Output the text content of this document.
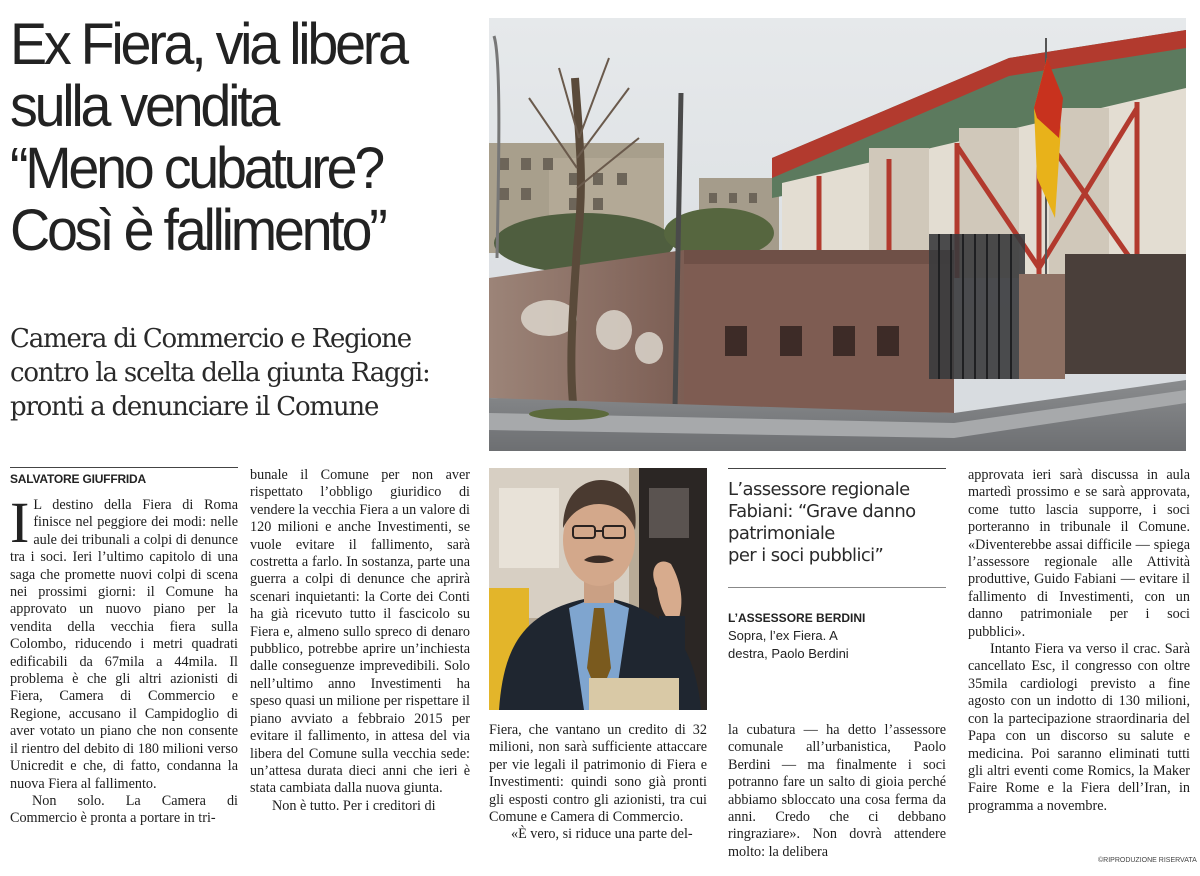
Ex Fiera, via libera
sulla vendita
“Meno cubature?
Così è fallimento”
Camera di Commercio e Regione
contro la scelta della giunta Raggi:
pronti a denunciare il Comune
SALVATORE GIUFFRIDA
I L destino della Fiera di Roma finisce nel peggiore dei modi: nelle aule dei tribunali a colpi di denunce tra i soci. Ieri l’ultimo capitolo di una saga che promette nuovi colpi di scena nei prossimi giorni: il Comune ha approvato un nuovo piano per la vendita della vecchia fiera sulla Colombo, riducendo i metri quadrati edificabili da 67mila a 44mila. Il problema è che gli altri azionisti di Fiera, Camera di Commercio e Regione, accusano il Campidoglio di aver votato un piano che non consente il rientro del debito di 180 milioni verso Unicredit e che, di fatto, condanna la nuova Fiera al fallimento.

Non solo. La Camera di Commercio è pronta a portare in tri-

bunale il Comune per non aver rispettato l’obbligo giuridico di vendere la vecchia Fiera a un valore di 120 milioni e anche Investimenti, se vuole evitare il fallimento, sarà costretta a farlo. In sostanza, parte una guerra a colpi di denunce che aprirà scenari inquietanti: la Corte dei Conti ha già ricevuto tutto il fascicolo su Fiera e, almeno sullo spreco di denaro pubblico, potrebbe aprire un’inchiesta dalle conseguenze imprevedibili. Solo nell’ultimo anno Investimenti ha speso quasi un milione per rispettare il piano avviato a febbraio 2015 per evitare il fallimento, in attesa del via libera del Comune sulla vecchia sede: un’attesa durata dieci anni che ieri è stata cambiata dalla nuova giunta.

Non è tutto. Per i creditori di

Fiera, che vantano un credito di 32 milioni, non sarà sufficiente attaccare per vie legali il patrimonio di Fiera e Investimenti: quindi sono già pronti gli esposti contro gli azionisti, tra cui Comune e Camera di Commercio.

«È vero, si riduce una parte del-

L’assessore regionale
Fabiani: “Grave danno
patrimoniale
per i soci pubblici”
L’ASSESSORE BERDINI
Sopra, l’ex Fiera. A
destra, Paolo Berdini

la cubatura — ha detto l’assessore comunale all’urbanistica, Paolo Berdini — ma finalmente i soci potranno fare un salto di gioia perché abbiamo sbloccato una cosa ferma da anni. Credo che ci debbano ringraziare». Non dovrà attendere molto: la delibera

approvata ieri sarà discussa in aula martedì prossimo e se sarà approvata, come tutto lascia supporre, i soci porteranno in tribunale il Comune. «Diventerebbe assai difficile — spiega l’assessore regionale alle Attività produttive, Guido Fabiani — evitare il fallimento di Investimenti, con un danno patrimoniale per i soci pubblici».

Intanto Fiera va verso il crac. Sarà cancellato Esc, il congresso con oltre 35mila cardiologi previsto a fine agosto con un indotto di 130 milioni, con la partecipazione straordinaria del Papa con un discorso su salute e medicina. Poi saranno eliminati tutti gli altri eventi come Romics, la Maker Faire Rome e la Fiera dell’Iran, in programma a novembre.

©RIPRODUZIONE RISERVATA
